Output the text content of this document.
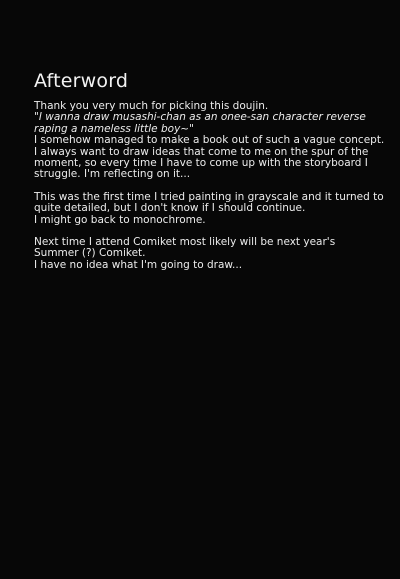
Afterword
Thank you very much for picking this doujin.
"I wanna draw musashi-chan as an onee-san character reverse
raping a nameless little boy~"
I somehow managed to make a book out of such a vague concept.
I always want to draw ideas that come to me on the spur of the
moment, so every time I have to come up with the storyboard I
struggle. I'm reflecting on it...
This was the first time I tried painting in grayscale and it turned to
quite detailed, but I don't know if I should continue.
I might go back to monochrome.
Next time I attend Comiket most likely will be next year's
Summer (?) Comiket.
I have no idea what I'm going to draw...
